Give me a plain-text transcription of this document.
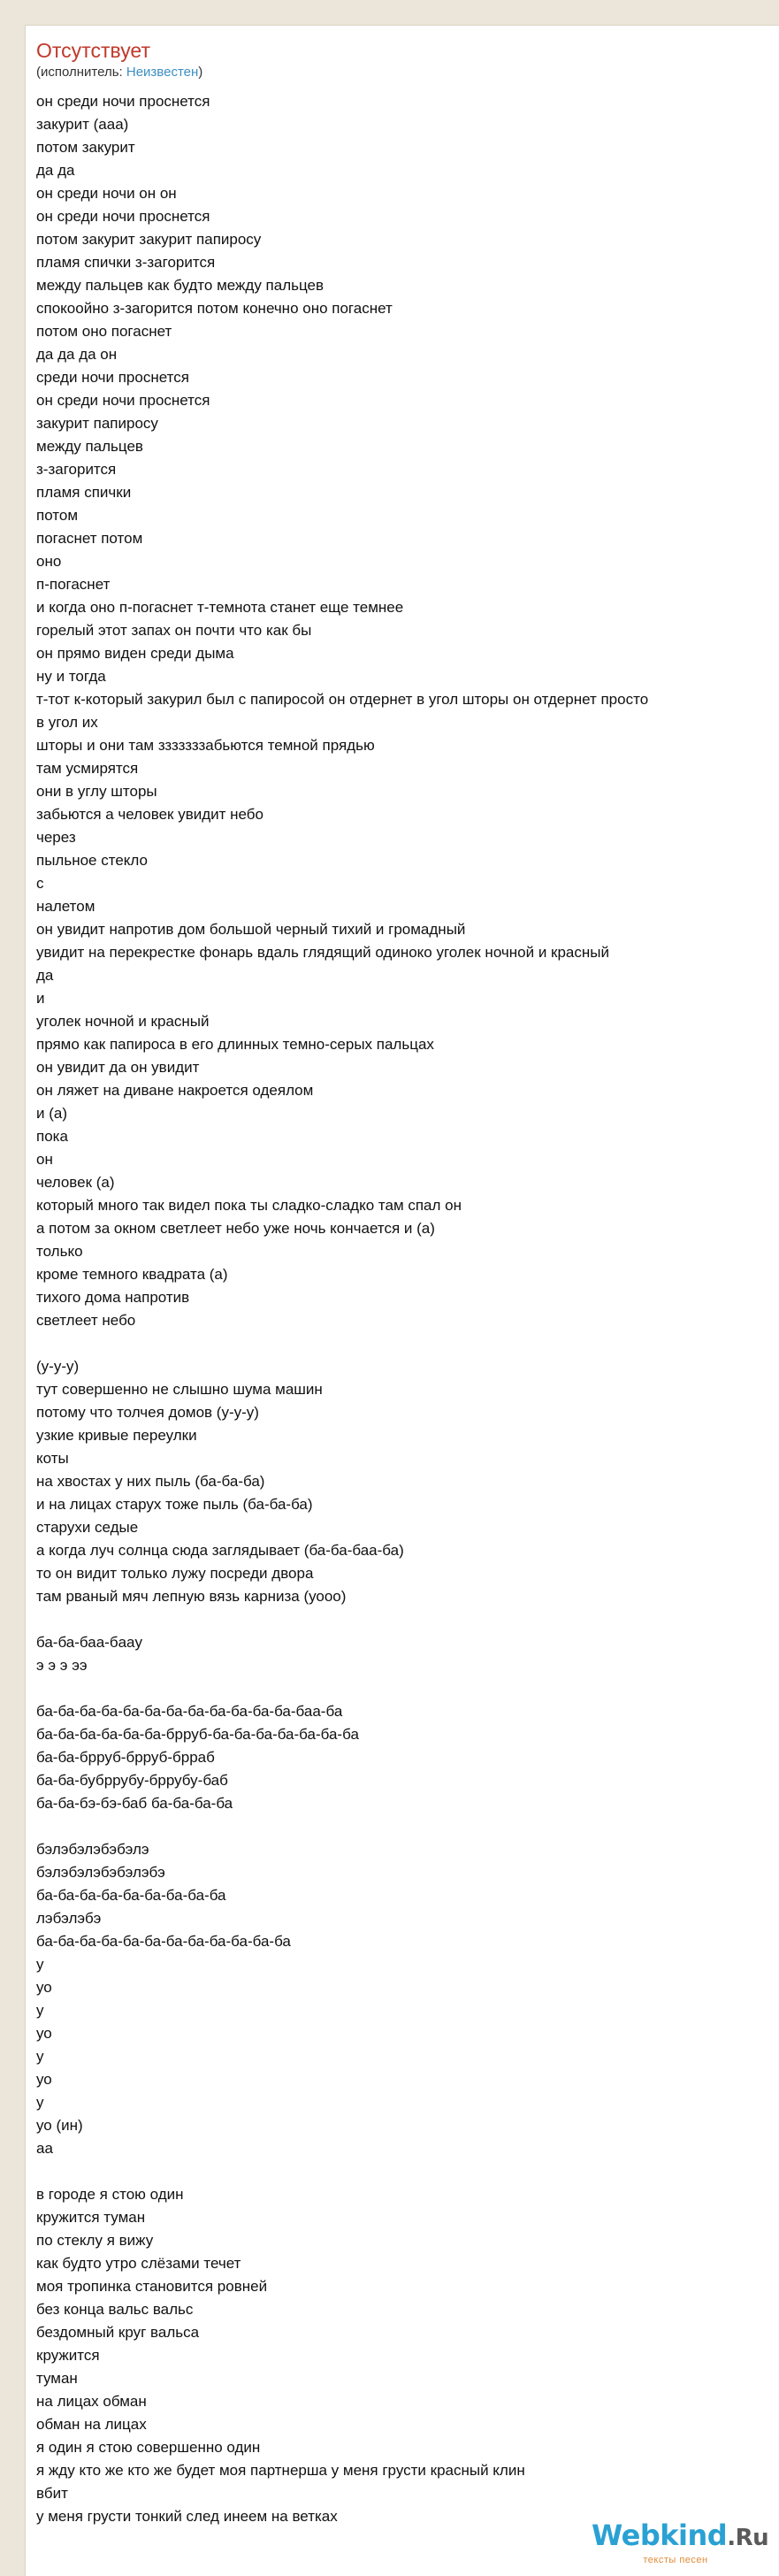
Отсутствует
(исполнитель: Неизвестен)
он среди ночи проснется
закурит (ааа)
потом закурит
да да
он среди ночи он он
он среди ночи проснется
потом закурит закурит папиросу
пламя спички з-загорится
между пальцев как будто между пальцев
спокоойно з-загорится потом конечно оно погаснет
потом оно погаснет
да да да он
среди ночи проснется
он среди ночи проснется
закурит папиросу
между пальцев
з-загорится
пламя спички
потом
погаснет потом
оно
п-погаснет
и когда оно п-погаснет т-темнота станет еще темнее
горелый этот запах он почти что как бы
он прямо виден среди дыма
ну и тогда
т-тот к-который закурил был с папиросой он отдернет в угол шторы он отдернет просто
в угол их
шторы и они там зззззззабьются темной прядью
там усмирятся
они в углу шторы
забьются а человек увидит небо
через
пыльное стекло
с
налетом
он увидит напротив дом большой черный тихий и громадный
увидит на перекрестке фонарь вдаль глядящий одиноко уголек ночной и красный
да
и
уголек ночной и красный
прямо как папироса в его длинных темно-серых пальцах
он увидит да он увидит
он ляжет на диване накроется одеялом
и (а)
пока
он
человек (а)
который много так видел пока ты сладко-сладко там спал он
а потом за окном светлеет небо уже ночь кончается и (а)
только
кроме темного квадрата (а)
тихого дома напротив
светлеет небо
(у-у-у)
тут совершенно не слышно шума машин
потому что толчея домов (у-у-у)
узкие кривые переулки
коты
на хвостах у них пыль (ба-ба-ба)
и на лицах старух тоже пыль (ба-ба-ба)
старухи седые
а когда луч солнца сюда заглядывает (ба-ба-баа-ба)
то он видит только лужу посреди двора
там рваный мяч лепную вязь карниза (уооо)
ба-ба-баа-бaaу
э э э ээ
ба-ба-ба-ба-ба-ба-ба-ба-ба-ба-ба-ба-баа-ба
ба-ба-ба-ба-ба-ба-брруб-ба-ба-ба-ба-ба-ба-ба
ба-ба-брруб-брруб-брраб
ба-ба-бубррубу-бррубу-баб
ба-ба-бэ-бэ-баб ба-ба-ба-ба
бэлэбэлэбэбэлэ
бэлэбэлэбэбэлэбэ
ба-ба-ба-ба-ба-ба-ба-ба-ба
лэбэлэбэ
ба-ба-ба-ба-ба-ба-ба-ба-ба-ба-ба-ба
у
уо
у
уо
у
уо
у
уо (ин)
аа
в городе я стою один
кружится туман
по стеклу я вижу
как будто утро слёзами течет
моя тропинка становится ровней
без конца вальс вальс
бездомный круг вальса
кружится
туман
на лицах обман
обман на лицах
я один я стою совершенно один
я жду кто же кто же будет моя партнерша у меня грусти красный клин
вбит
у меня грусти тонкий след инеем на ветках
Webkind.Ru
тексты песен
